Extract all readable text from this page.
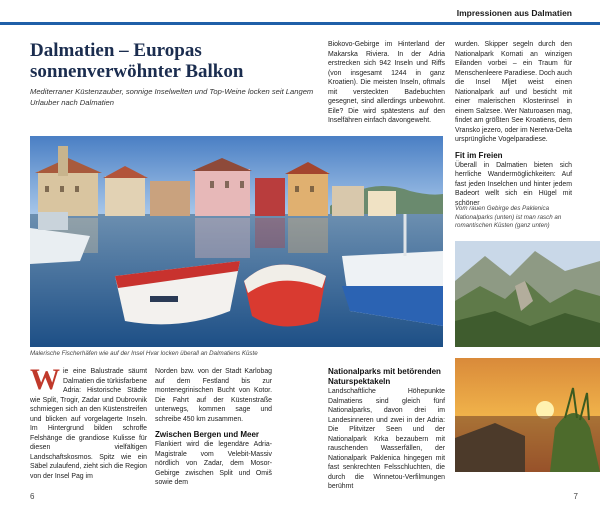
Impressionen aus Dalmatien
Dalmatien – Europas
sonnenverwöhnter Balkon

Mediterraner Küstenzauber, sonnige Inselwelten und Top-Weine locken seit Langem Urlauber nach Dalmatien

Biokovo-Gebirge im Hinterland der Makarska Riviera. In der Adria erstrecken sich 942 Inseln und Riffs (von insgesamt 1244 in ganz Kroatien). Die meisten Inseln, oftmals mit versteckten Badebuchten gesegnet, sind allerdings unbewohnt. Eile? Die wird spätestens auf den Inselfähren einfach davongeweht.

wurden. Skipper segeln durch den Nationalpark Kornati an winzigen Eilanden vorbei – ein Traum für Menschenleere Paradiese. Doch auch die Insel Mljet weist einen Nationalpark auf und besticht mit einer malerischen Klosterinsel in einem Salzsee. Wer Naturoasen mag, findet am größten See Kroatiens, dem Vransko jezero, oder im Neretva-Delta ursprüngliche Vogelparadiese.

Fit im Freien

Überall in Dalmatien bieten sich herrliche Wandermöglichkeiten: Auf fast jeden Inselchen und hinter jedem Badeort wellt sich ein Hügel mit schöner

Vom rauen Gebirge des Paklenica Nationalparks (unten) ist man rasch an romantischen Küsten (ganz unten)

Malerische Fischerhäfen wie auf der Insel Hvar locken überall an Dalmatiens Küste

Wie eine Balustrade säumt Dalmatien die türkisfarbene Adria: Historische Städte wie Split, Trogir, Zadar und Dubrovnik schmiegen sich an den Küstenstreifen und blicken auf vorgelagerte Inseln. Im Hintergrund bilden schroffe Felshänge die grandiose Kulisse für diesen vielfältigen Landschaftskosmos. Spitz wie ein Säbel zulaufend, zieht sich die Region von der Insel Pag im

Norden bzw. von der Stadt Karlobag auf dem Festland bis zur montenegrinischen Bucht von Kotor. Die Fahrt auf der Küstenstraße unterwegs, kommen sage und schreibe 450 km zusammen.

Zwischen Bergen und Meer

Flankiert wird die legendäre Adria-Magistrale vom Velebit-Massiv nördlich von Zadar, dem Mosor-Gebirge zwischen Split und Omiš sowie dem

Nationalparks mit betörenden
Naturspektakeln

Landschaftliche Höhepunkte Dalmatiens sind gleich fünf Nationalparks, davon drei im Landesinneren und zwei in der Adria: Die Plitvitzer Seen und der Nationalpark Krka bezaubern mit rauschenden Wasserfällen, der Nationalpark Paklenica hingegen mit fast senkrechten Felsschluchten, die durch die Winnetou-Verfilmungen berühmt

6	7
